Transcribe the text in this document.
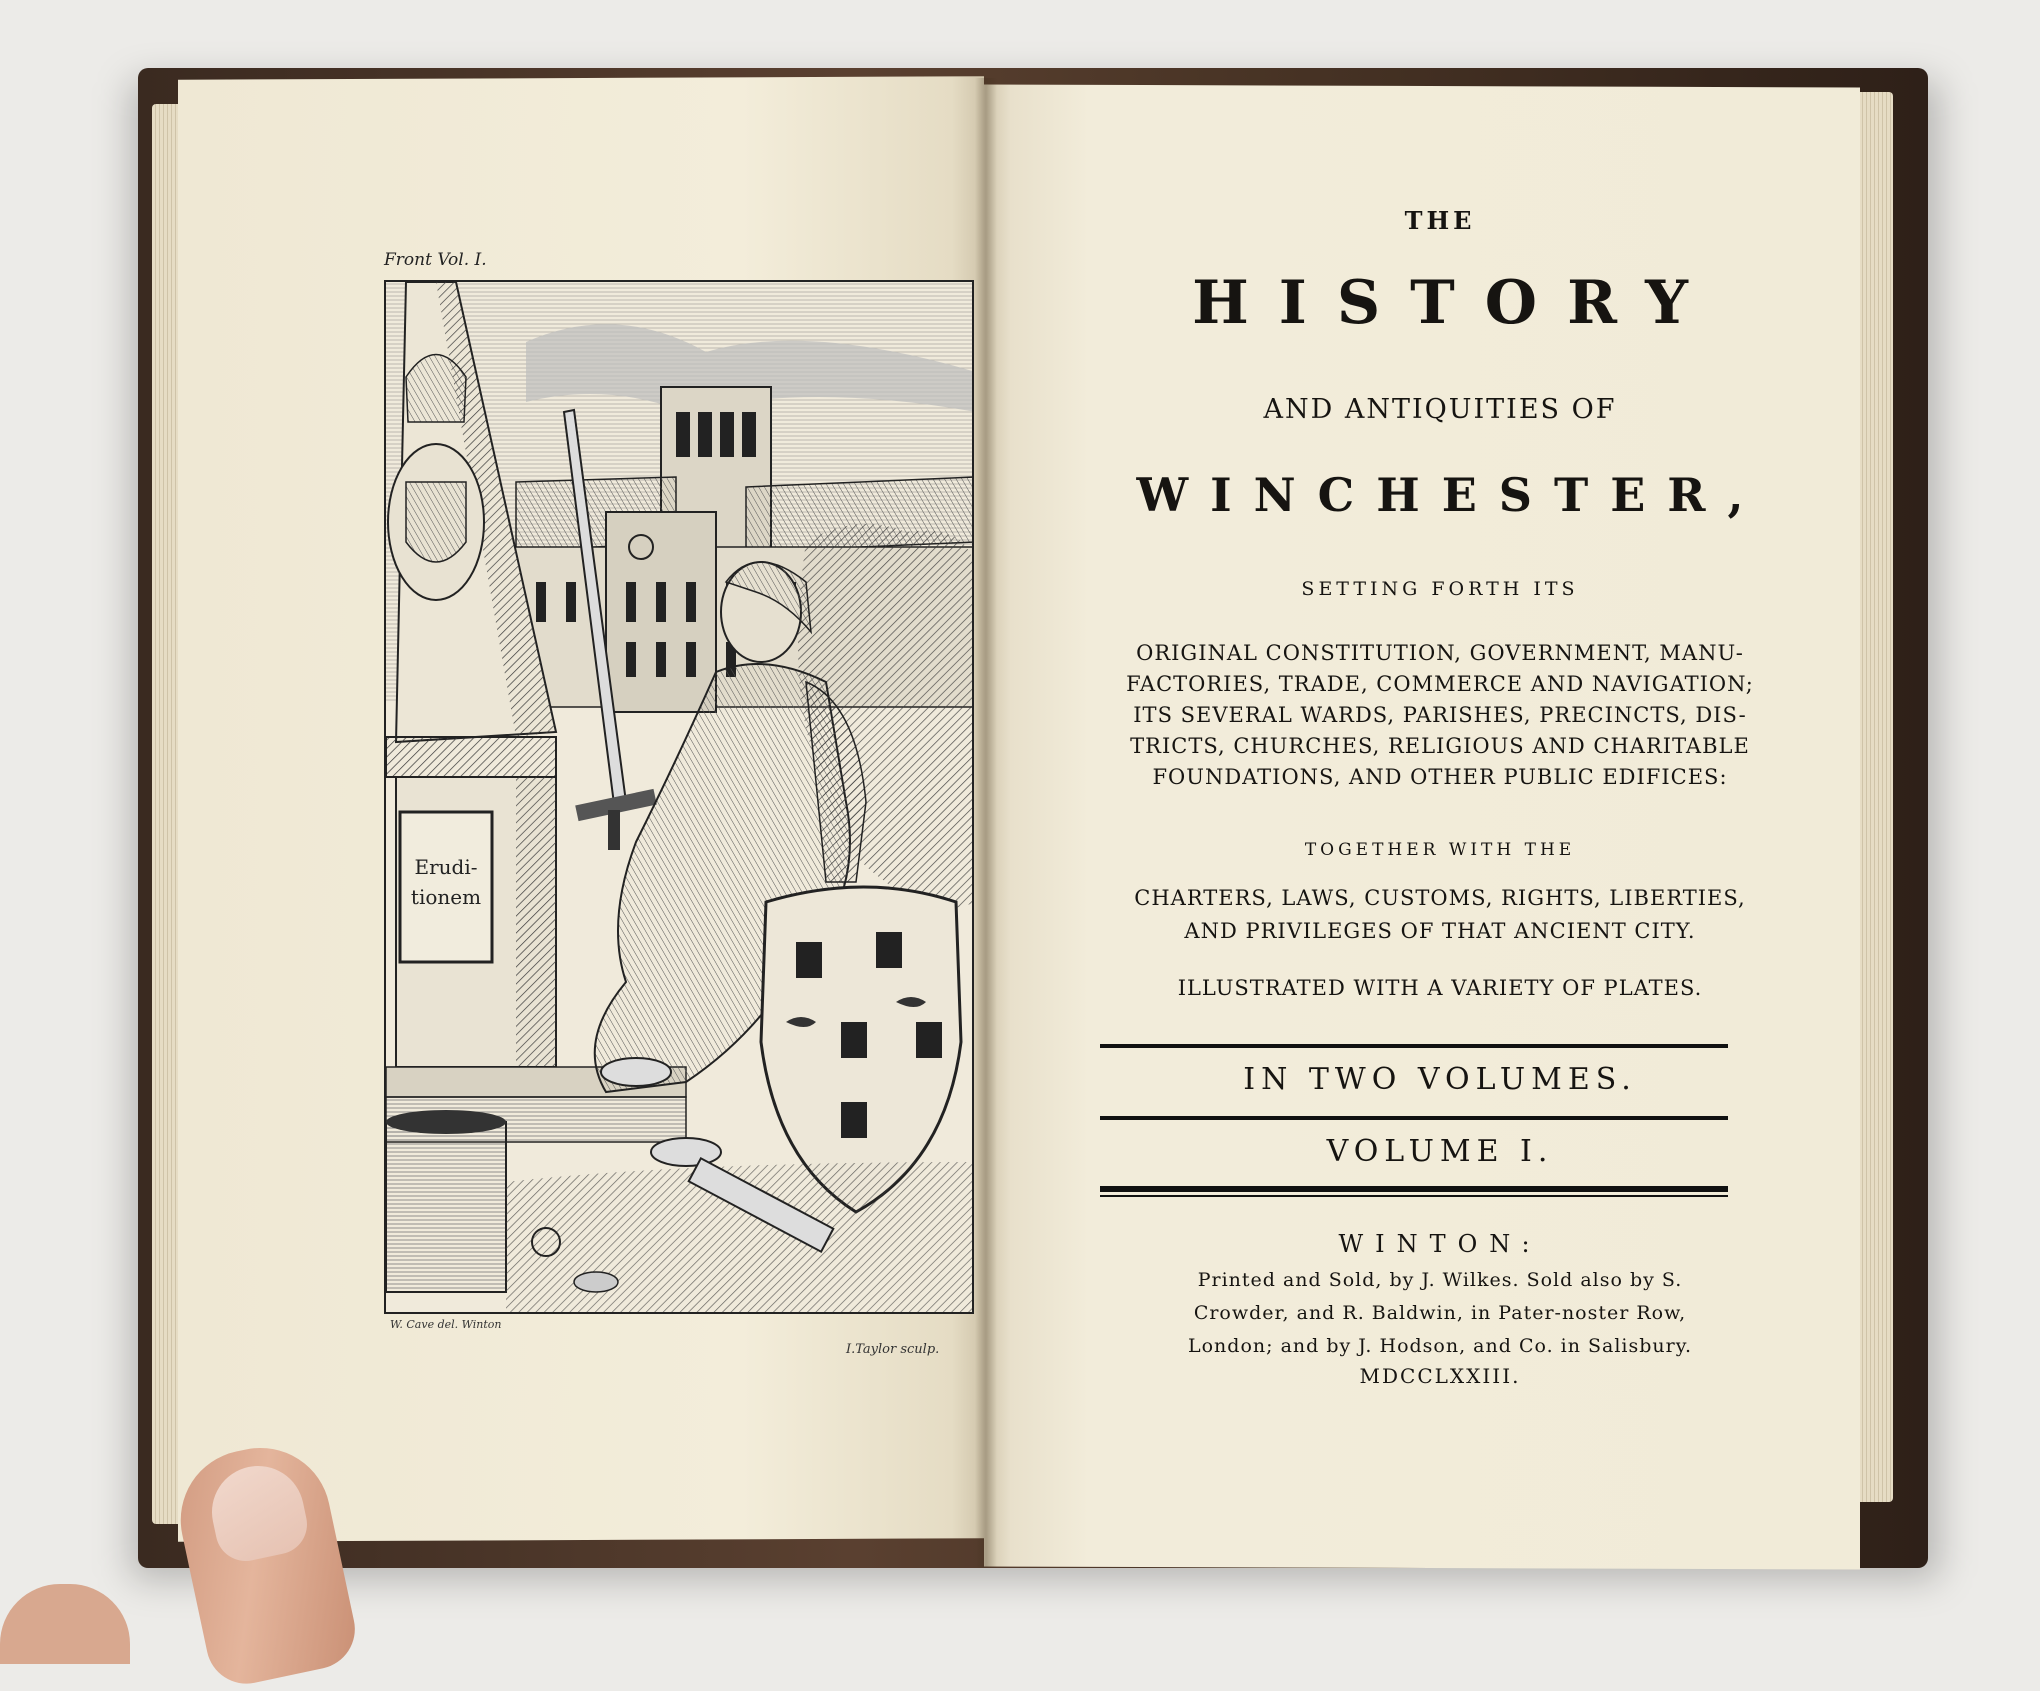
Front Vol. I.
Erudi-
tionem
W. Cave del. Winton
I.Taylor sculp.
THE
HISTORY
AND ANTIQUITIES OF
WINCHESTER,
SETTING FORTH ITS
ORIGINAL CONSTITUTION, GOVERNMENT, MANU-
FACTORIES, TRADE, COMMERCE AND NAVIGATION;
ITS SEVERAL WARDS, PARISHES, PRECINCTS, DIS-
TRICTS, CHURCHES, RELIGIOUS AND CHARITABLE
FOUNDATIONS, AND OTHER PUBLIC EDIFICES:
TOGETHER WITH THE
CHARTERS, LAWS, CUSTOMS, RIGHTS, LIBERTIES,
AND PRIVILEGES OF THAT ANCIENT CITY.
ILLUSTRATED WITH A VARIETY OF PLATES.
IN TWO VOLUMES.
VOLUME I.
WINTON:
Printed and Sold, by J. Wilkes. Sold also by S.
Crowder, and R. Baldwin, in Pater-noster Row,
London; and by J. Hodson, and Co. in Salisbury.
MDCCLXXIII.
